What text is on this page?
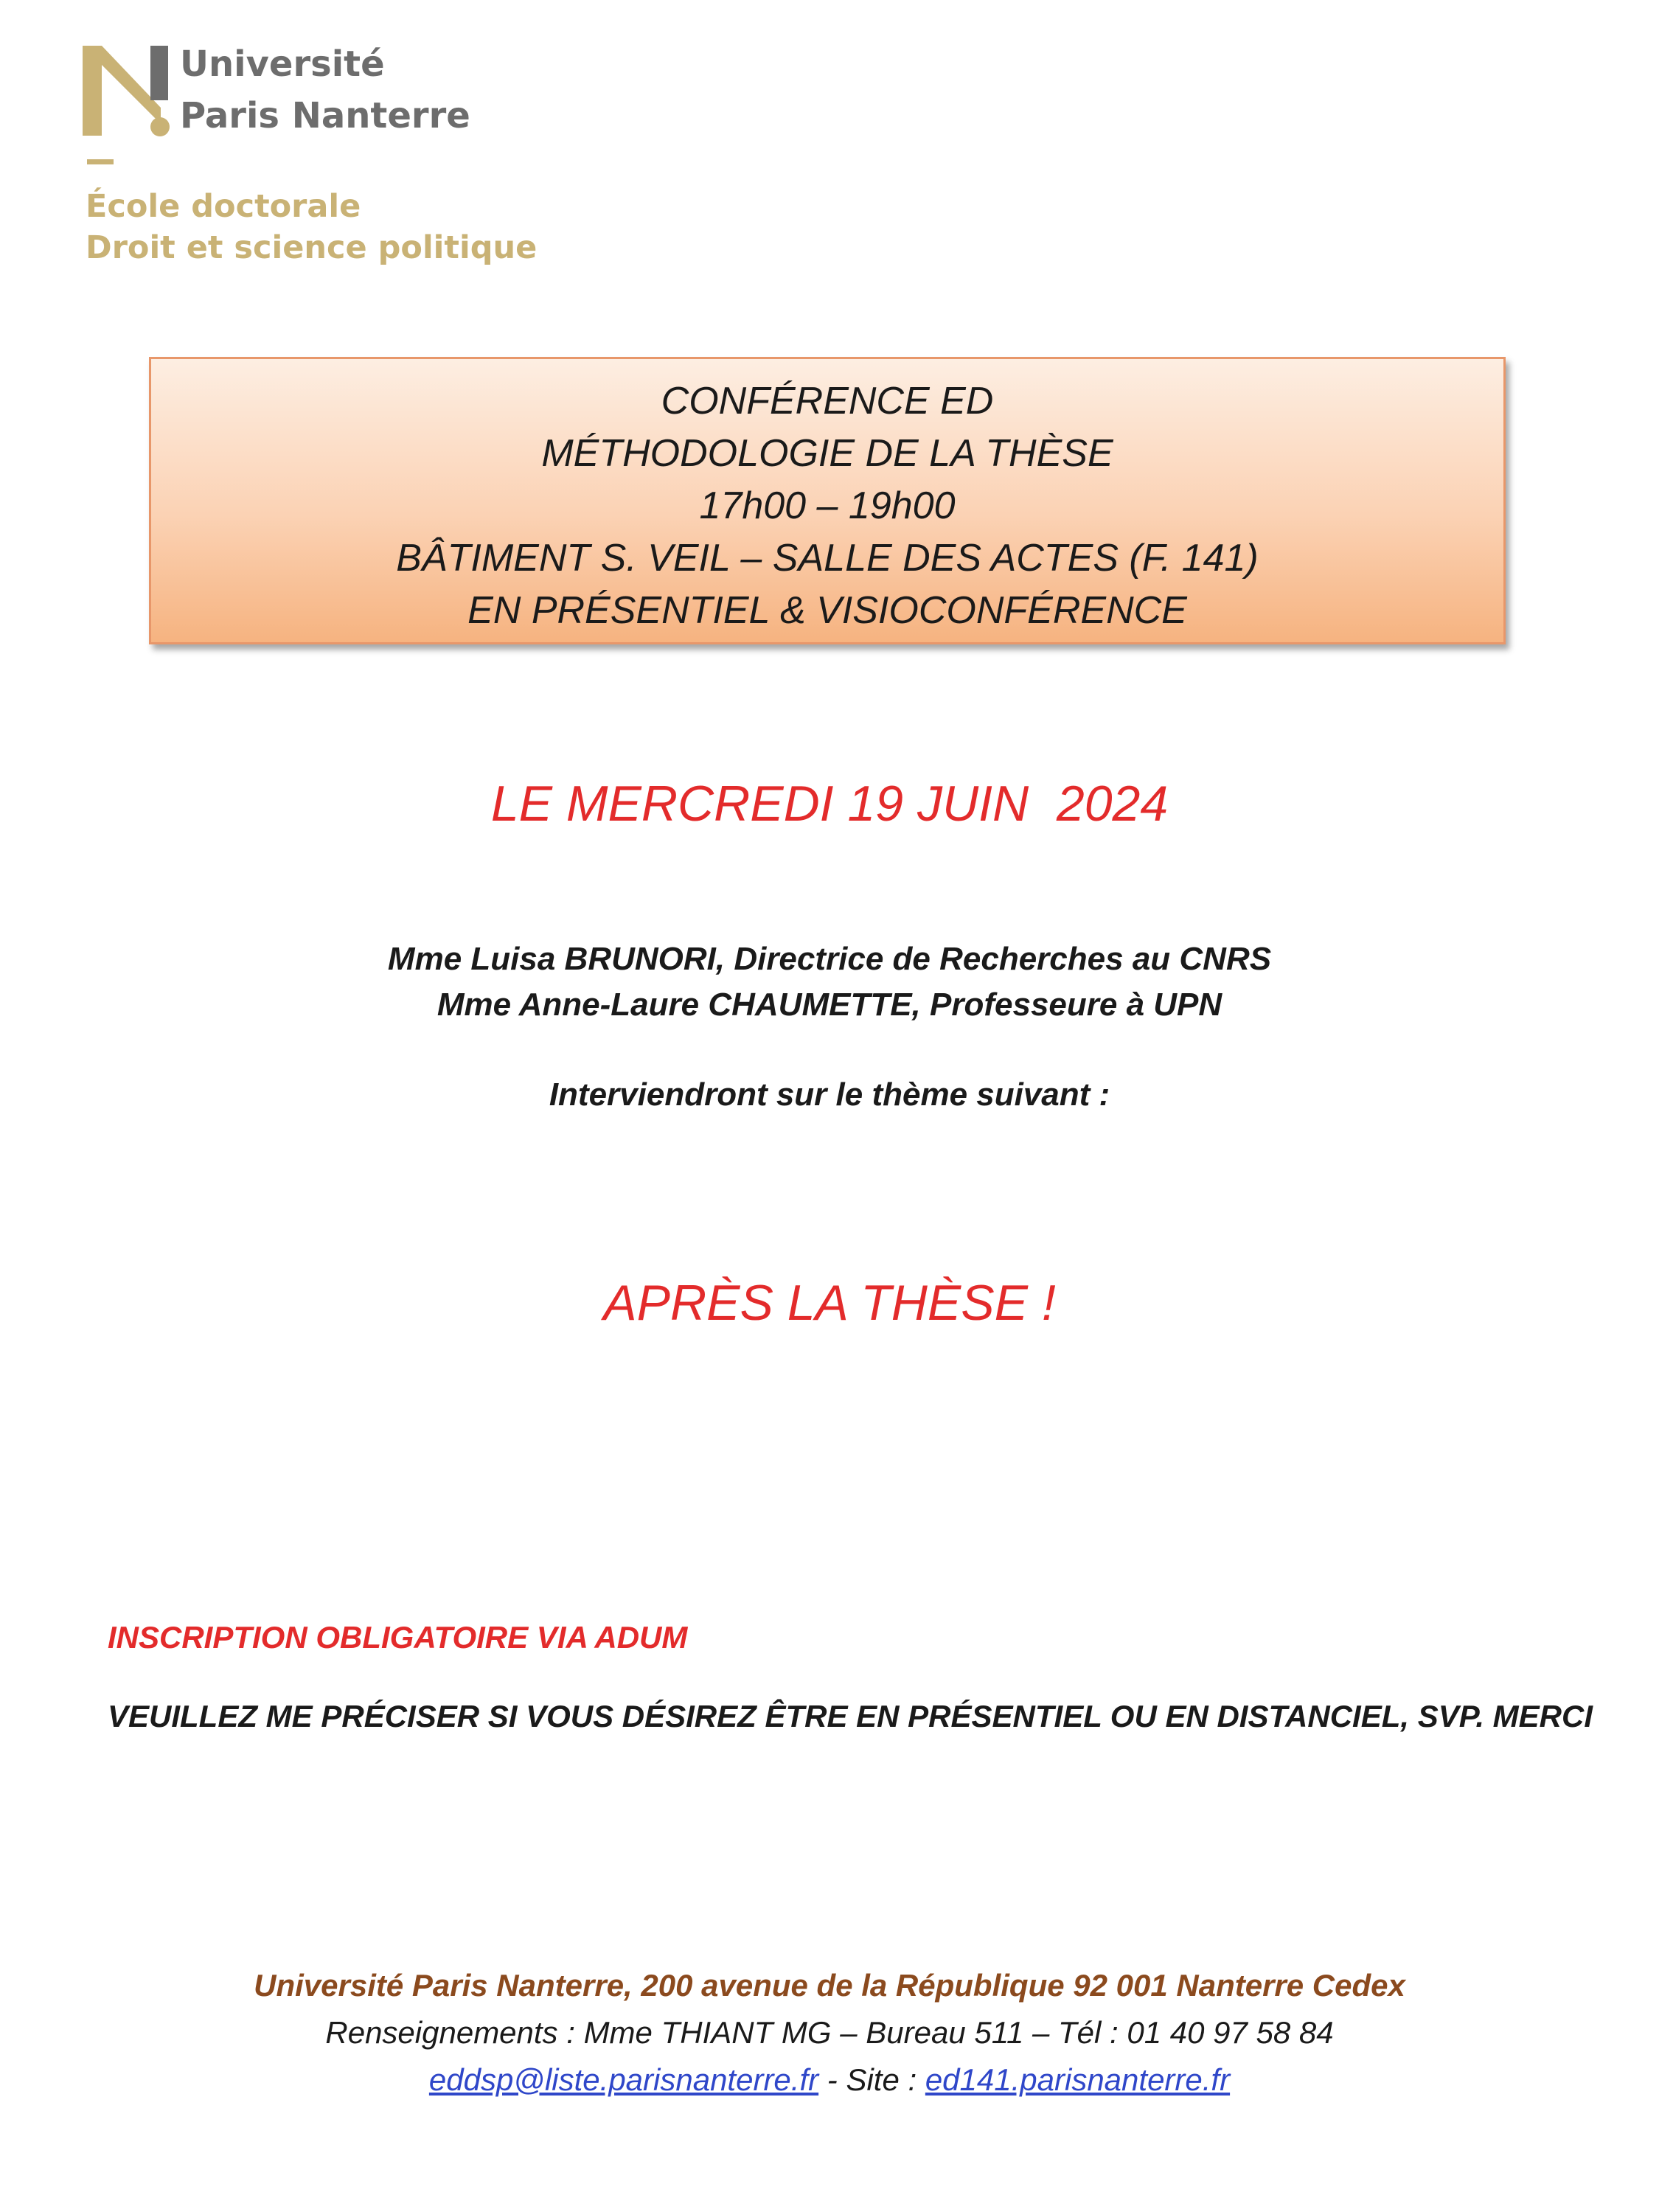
Université
Paris Nanterre
École doctorale
Droit et science politique
CONFÉRENCE ED
MÉTHODOLOGIE DE LA THÈSE
17h00 – 19h00
BÂTIMENT S. VEIL – SALLE DES ACTES (F. 141)
EN PRÉSENTIEL & VISIOCONFÉRENCE
LE MERCREDI 19 JUIN  2024
Mme Luisa BRUNORI, Directrice de Recherches au CNRS
Mme Anne-Laure CHAUMETTE, Professeure à UPN
Interviendront sur le thème suivant :
APRÈS LA THÈSE !
INSCRIPTION OBLIGATOIRE VIA ADUM
VEUILLEZ ME PRÉCISER SI VOUS DÉSIREZ ÊTRE EN PRÉSENTIEL OU EN DISTANCIEL, SVP. MERCI
Université Paris Nanterre, 200 avenue de la République 92 001 Nanterre Cedex
Renseignements : Mme THIANT MG – Bureau 511 – Tél : 01 40 97 58 84
eddsp@liste.parisnanterre.fr - Site : ed141.parisnanterre.fr
